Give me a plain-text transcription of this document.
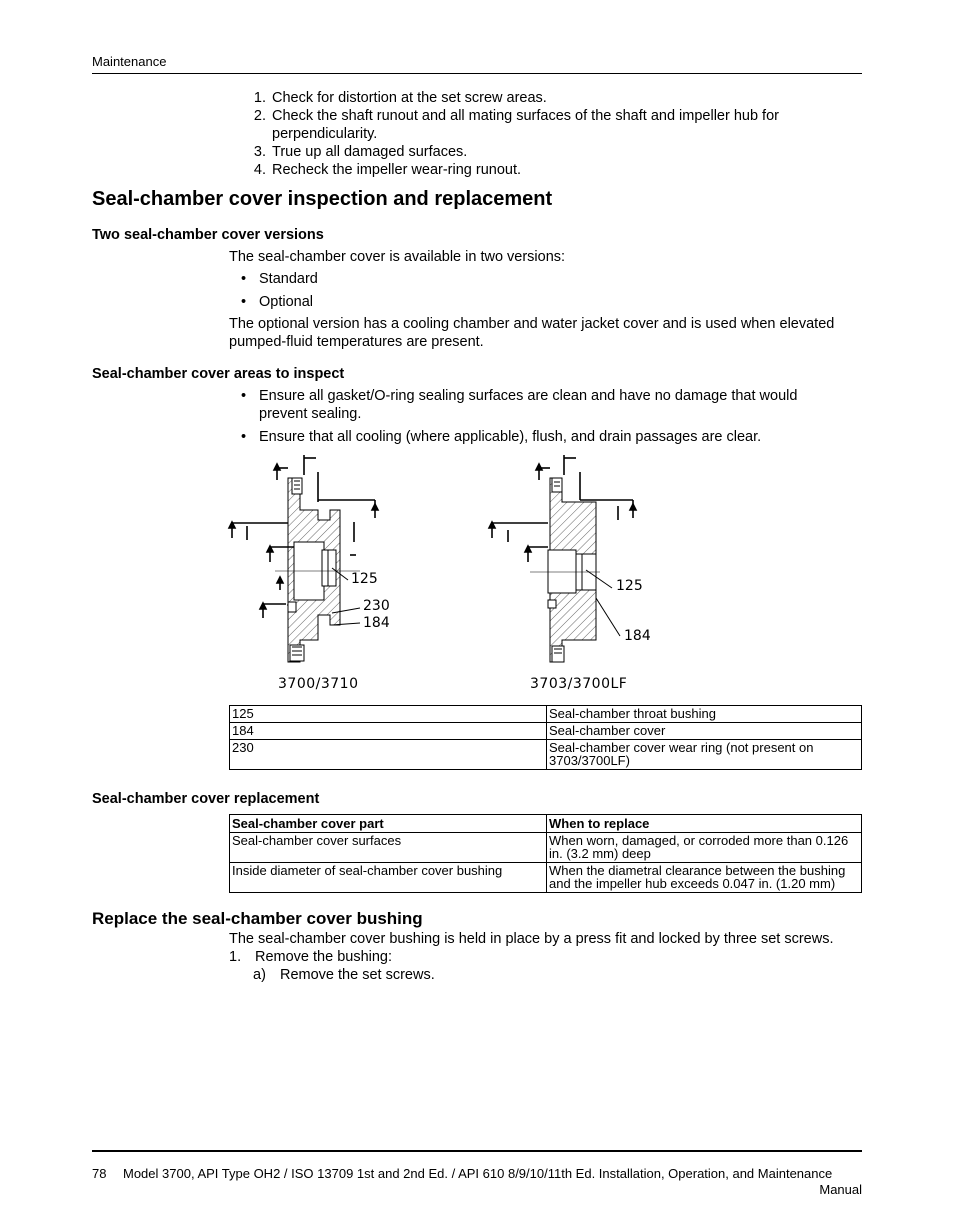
Maintenance
1. Check for distortion at the set screw areas.
2. Check the shaft runout and all mating surfaces of the shaft and impeller hub for perpendicularity.
3. True up all damaged surfaces.
4. Recheck the impeller wear-ring runout.
Seal-chamber cover inspection and replacement
Two seal-chamber cover versions
The seal-chamber cover is available in two versions:
• Standard
• Optional
The optional version has a cooling chamber and water jacket cover and is used when elevated pumped-fluid temperatures are present.
Seal-chamber cover areas to inspect
• Ensure all gasket/O-ring sealing surfaces are clean and have no damage that would prevent sealing.
• Ensure that all cooling (where applicable), flush, and drain passages are clear.
125
230
184
125
184
3700/3710	3703/3700LF
125	Seal-chamber throat bushing
184	Seal-chamber cover
230	Seal-chamber cover wear ring (not present on 3703/3700LF)
Seal-chamber cover replacement
Seal-chamber cover part	When to replace
Seal-chamber cover surfaces	When worn, damaged, or corroded more than 0.126 in. (3.2 mm) deep
Inside diameter of seal-chamber cover bushing	When the diametral clearance between the bushing and the impeller hub exceeds 0.047 in. (1.20 mm)
Replace the seal-chamber cover bushing
The seal-chamber cover bushing is held in place by a press fit and locked by three set screws.
1. Remove the bushing:
a) Remove the set screws.
78 Model 3700, API Type OH2 / ISO 13709 1st and 2nd Ed. / API 610 8/9/10/11th Ed. Installation, Operation, and Maintenance
Manual
